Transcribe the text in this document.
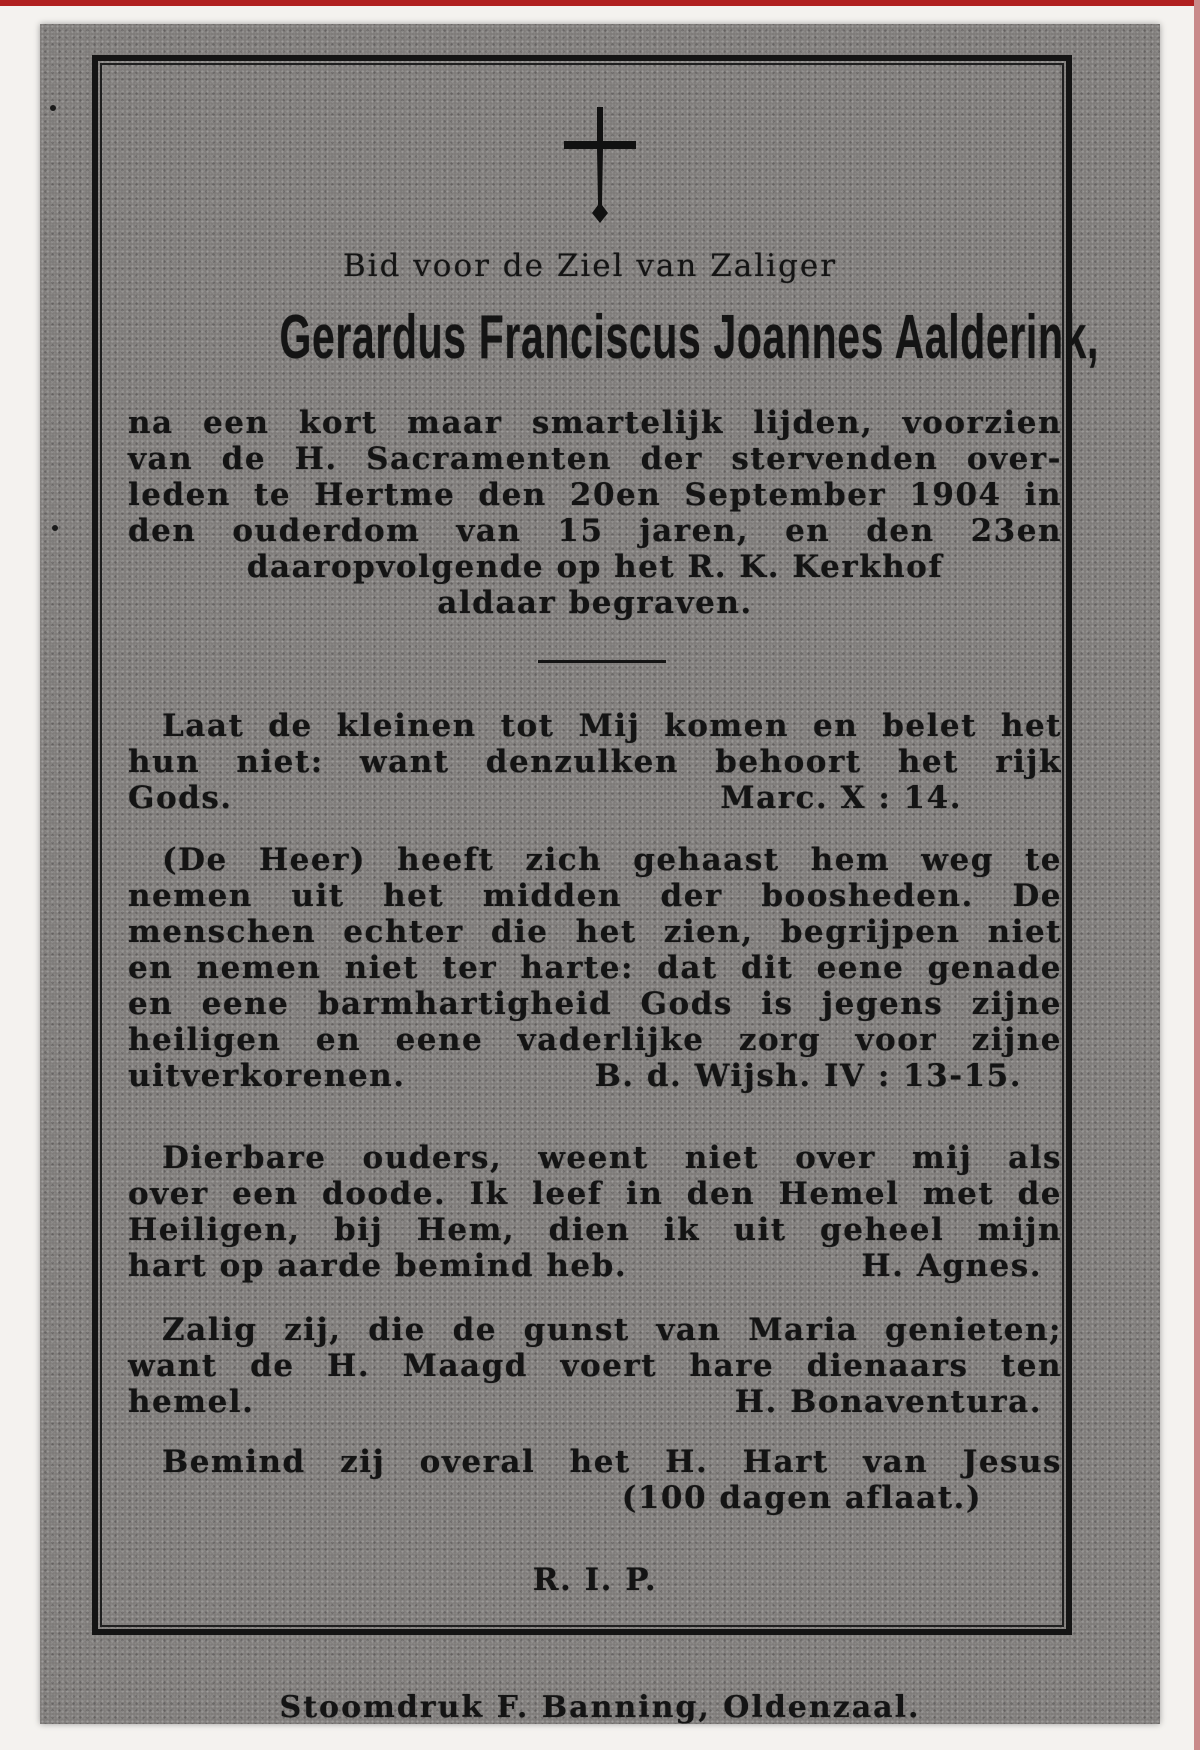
Bid voor de Ziel van Zaliger
Gerardus Franciscus Joannes Aalderink,
na een kort maar smartelijk lijden, voorzien
van de H. Sacramenten der stervenden over-
leden te Hertme den 20en September 1904 in
den ouderdom van 15 jaren, en den 23en
daaropvolgende op het R. K. Kerkhof
aldaar begraven.
Laat de kleinen tot Mij komen en belet het
hun niet: want denzulken behoort het rijk
Gods.	Marc. X : 14.
(De Heer) heeft zich gehaast hem weg te
nemen uit het midden der boosheden. De
menschen echter die het zien, begrijpen niet
en nemen niet ter harte: dat dit eene genade
en eene barmhartigheid Gods is jegens zijne
heiligen en eene vaderlijke zorg voor zijne
uitverkorenen.	B. d. Wijsh. IV : 13-15.
Dierbare ouders, weent niet over mij als
over een doode. Ik leef in den Hemel met de
Heiligen, bij Hem, dien ik uit geheel mijn
hart op aarde bemind heb.	H. Agnes.
Zalig zij, die de gunst van Maria genieten;
want de H. Maagd voert hare dienaars ten
hemel.	H. Bonaventura.
Bemind zij overal het H. Hart van Jesus
(100 dagen aflaat.)
R. I. P.
Stoomdruk F. Banning, Oldenzaal.
